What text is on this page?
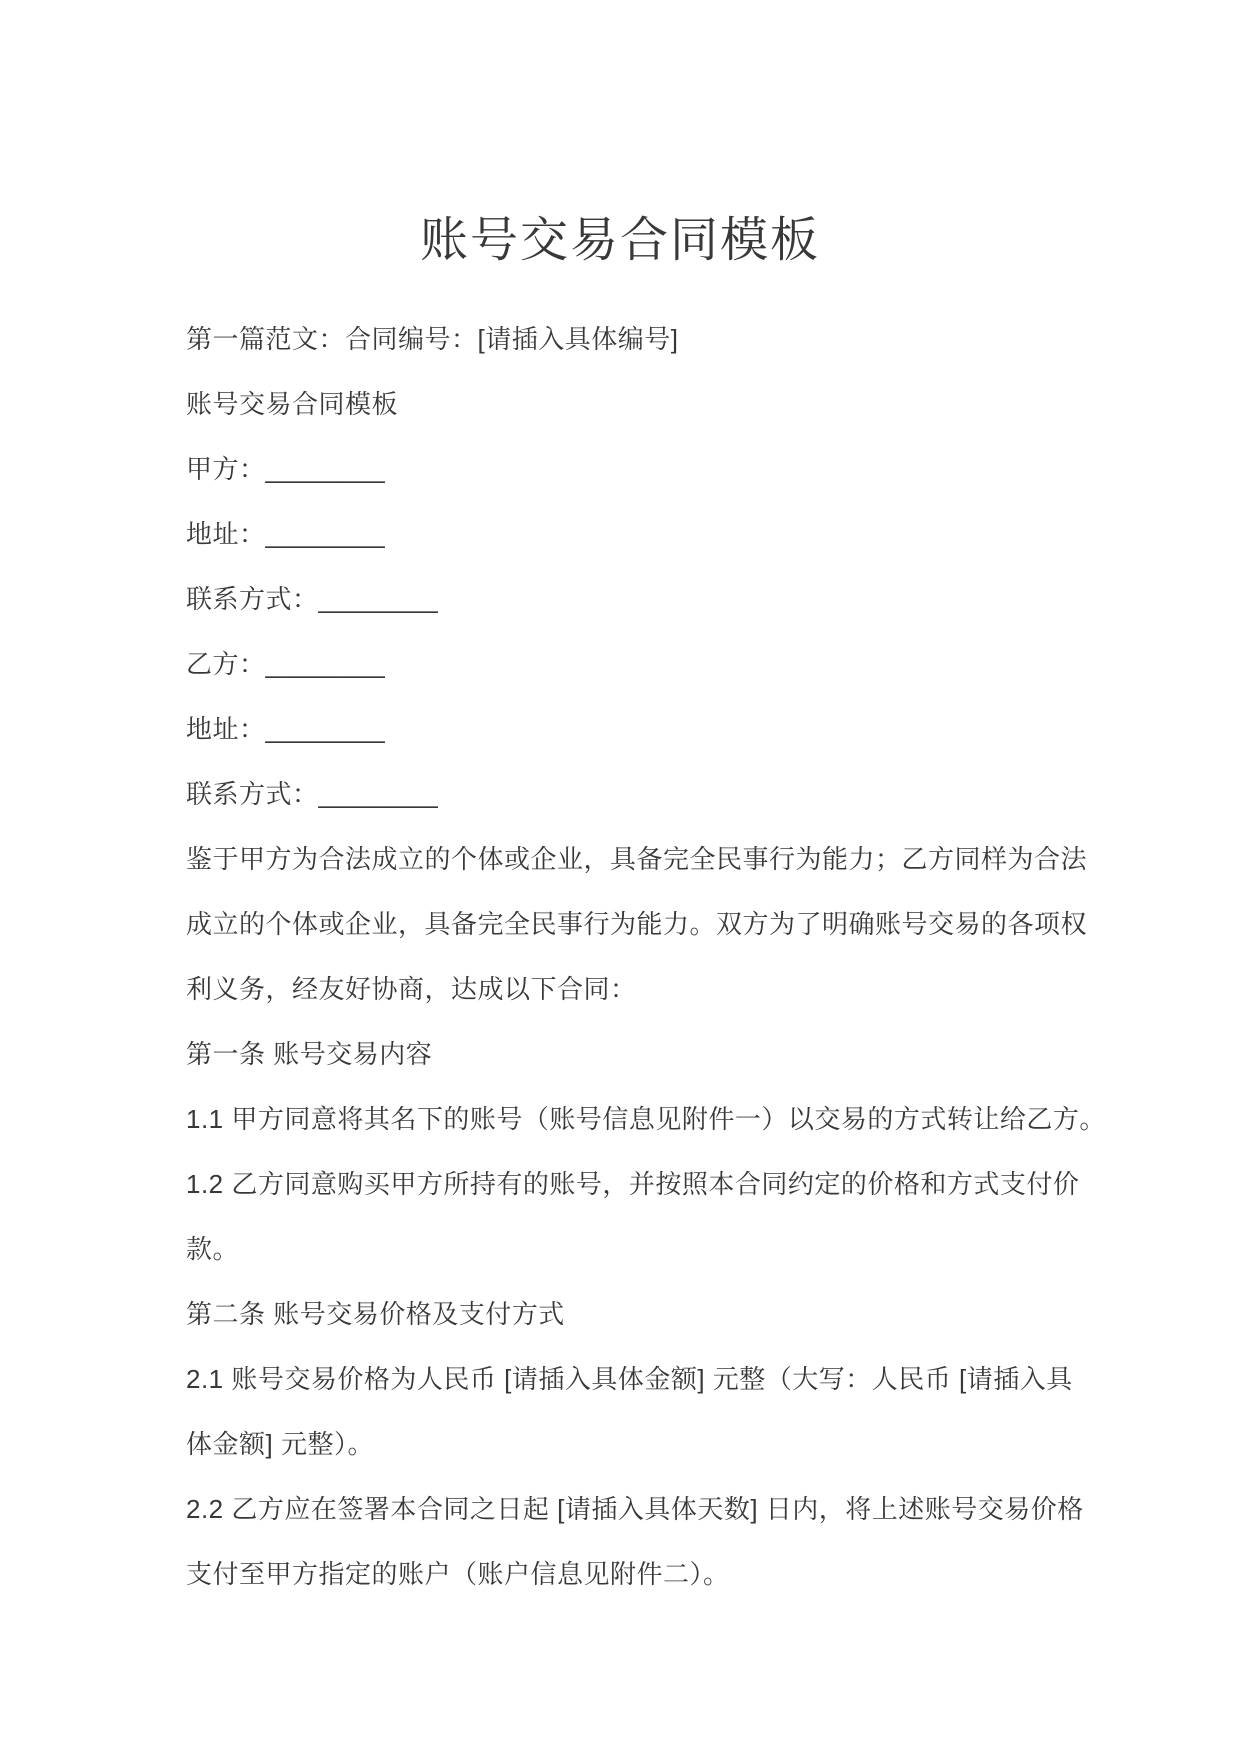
账号交易合同模板
第一篇范文：合同编号：[请插入具体编号]
账号交易合同模板
甲方：________
地址：________
联系方式：________
乙方：________
地址：________
联系方式：________
鉴于甲方为合法成立的个体或企业，具备完全民事行为能力；乙方同样为合法
成立的个体或企业，具备完全民事行为能力。双方为了明确账号交易的各项权
利义务，经友好协商，达成以下合同：
第一条 账号交易内容
1.1 甲方同意将其名下的账号（账号信息见附件一）以交易的方式转让给乙方。
1.2 乙方同意购买甲方所持有的账号，并按照本合同约定的价格和方式支付价
款。
第二条 账号交易价格及支付方式
2.1 账号交易价格为人民币 [请插入具体金额] 元整（大写：人民币 [请插入具
体金额] 元整）。
2.2 乙方应在签署本合同之日起 [请插入具体天数] 日内，将上述账号交易价格
支付至甲方指定的账户（账户信息见附件二）。
